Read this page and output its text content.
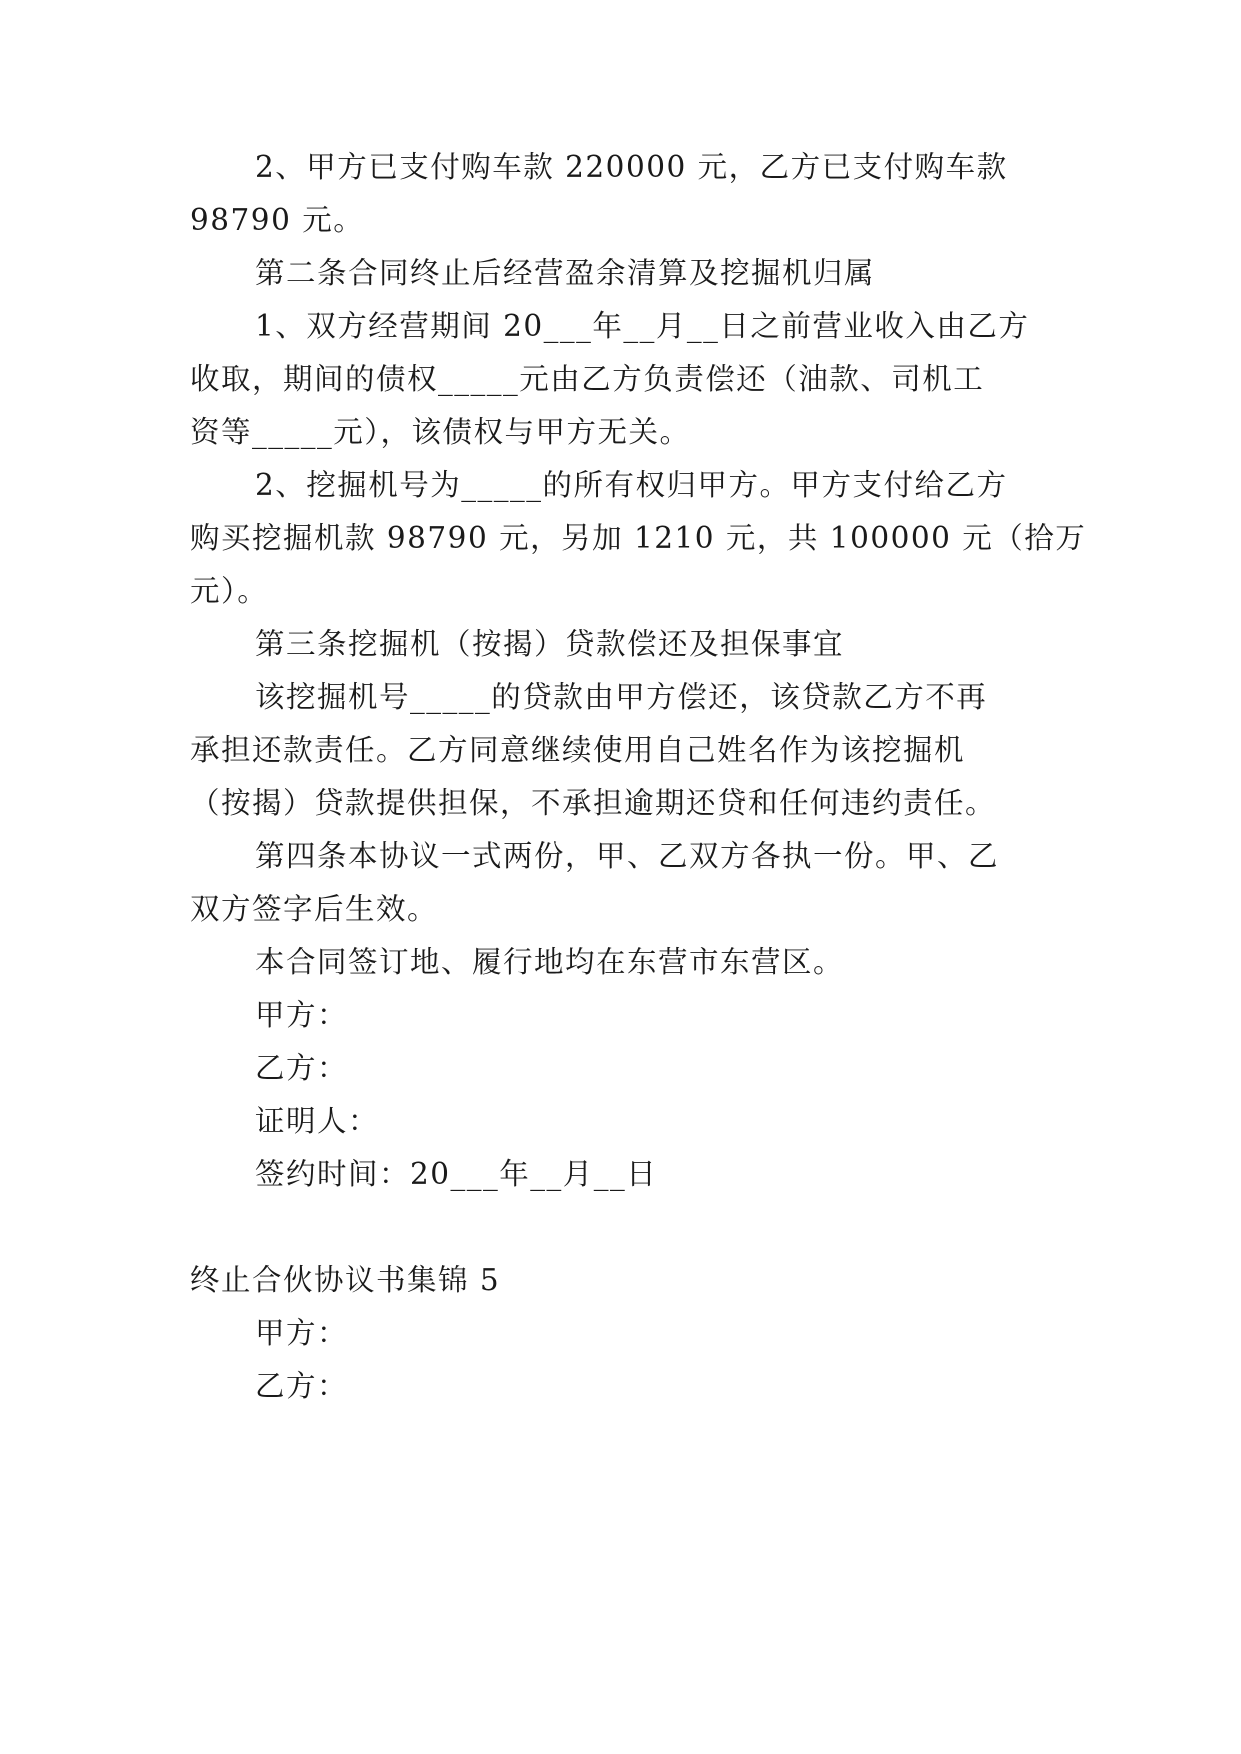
2、甲方已支付购车款 220000 元，乙方已支付购车款
98790 元。
第二条合同终止后经营盈余清算及挖掘机归属
1、双方经营期间 20___年__月__日之前营业收入由乙方
收取，期间的债权_____元由乙方负责偿还（油款、司机工
资等_____元），该债权与甲方无关。
2、挖掘机号为_____的所有权归甲方。甲方支付给乙方
购买挖掘机款 98790 元，另加 1210 元，共 100000 元（拾万
元）。
第三条挖掘机（按揭）贷款偿还及担保事宜
该挖掘机号_____的贷款由甲方偿还，该贷款乙方不再
承担还款责任。乙方同意继续使用自己姓名作为该挖掘机
（按揭）贷款提供担保，不承担逾期还贷和任何违约责任。
第四条本协议一式两份，甲、乙双方各执一份。甲、乙
双方签字后生效。
本合同签订地、履行地均在东营市东营区。
甲方：
乙方：
证明人：
签约时间：20___年__月__日
终止合伙协议书集锦 5
甲方：
乙方：
